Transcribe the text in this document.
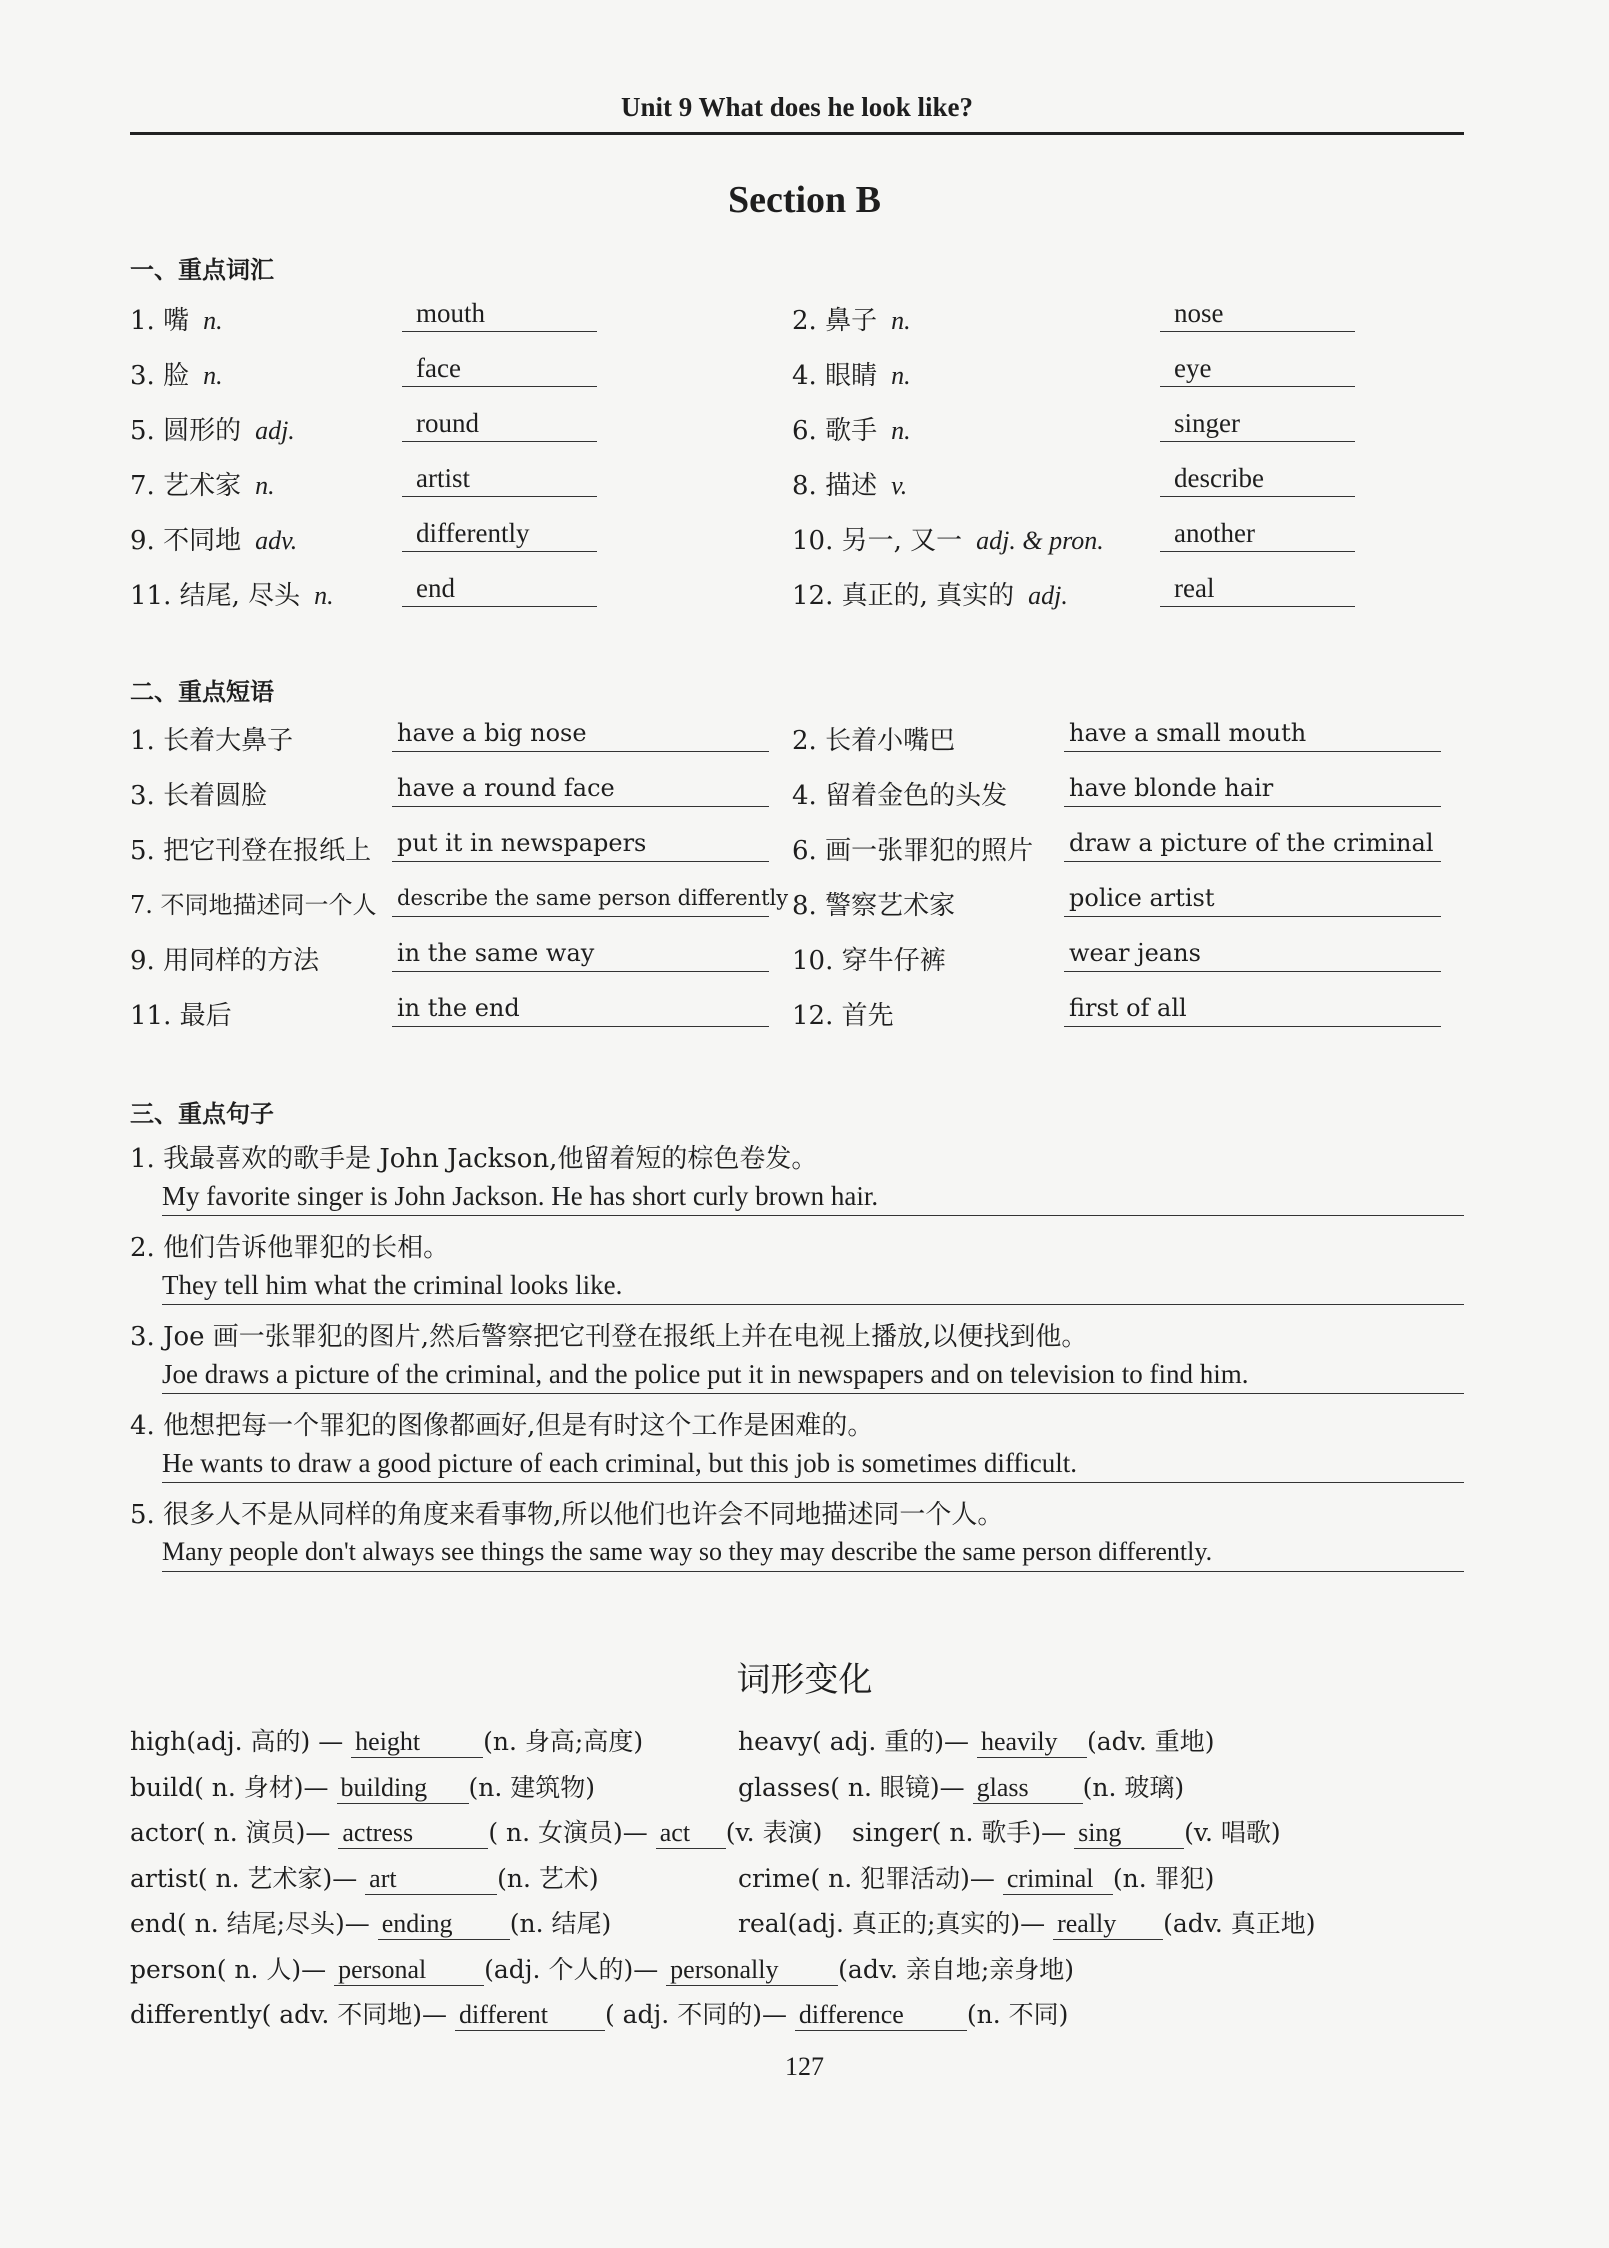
Unit 9 What does he look like?
Section B
一、重点词汇
1. 嘴 n.	mouth	2. 鼻子 n.	nose
3. 脸 n.	face	4. 眼睛 n.	eye
5. 圆形的 adj.	round	6. 歌手 n.	singer
7. 艺术家 n.	artist	8. 描述 v.	describe
9. 不同地 adv.	differently	10. 另一, 又一 adj. & pron.	another
11. 结尾, 尽头 n.	end	12. 真正的, 真实的 adj.	real
二、重点短语
1. 长着大鼻子	have a big nose	2. 长着小嘴巴	have a small mouth
3. 长着圆脸	have a round face	4. 留着金色的头发	have blonde hair
5. 把它刊登在报纸上 put it in newspapers	6. 画一张罪犯的照片 draw a picture of the criminal
7. 不同地描述同一个人 describe the same person differently 8. 警察艺术家	police artist
9. 用同样的方法	in the same way	10. 穿牛仔裤	wear jeans
11. 最后	in the end	12. 首先	first of all
三、重点句子
1. 我最喜欢的歌手是 John Jackson,他留着短的棕色卷发。
My favorite singer is John Jackson. He has short curly brown hair.
2. 他们告诉他罪犯的长相。
They tell him what the criminal looks like.
3. Joe 画一张罪犯的图片,然后警察把它刊登在报纸上并在电视上播放,以便找到他。
Joe draws a picture of the criminal, and the police put it in newspapers and on television to find him.
4. 他想把每一个罪犯的图像都画好,但是有时这个工作是困难的。
He wants to draw a good picture of each criminal, but this job is sometimes difficult.
5. 很多人不是从同样的角度来看事物,所以他们也许会不同地描述同一个人。
Many people don't always see things the same way so they may describe the same person differently.
词形变化
high(adj. 高的) — height	(n. 身高;高度)	heavy( adj. 重的)— heavily (adv. 重地)
build( n. 身材)— building (n. 建筑物)	glasses( n. 眼镜)— glass (n. 玻璃)
actor( n. 演员)— actress	( n. 女演员)— act (v. 表演) singer( n. 歌手)— sing	(v. 唱歌)
artist( n. 艺术家)— art	(n. 艺术)	crime( n. 犯罪活动)— criminal (n. 罪犯)
end( n. 结尾;尽头)— ending (n. 结尾)	real(adj. 真正的;真实的)— really (adv. 真正地)
person( n. 人)— personal (adj. 个人的)— personally (adv. 亲自地;亲身地)
differently( adv. 不同地)— different ( adj. 不同的)— difference	(n. 不同)
127
